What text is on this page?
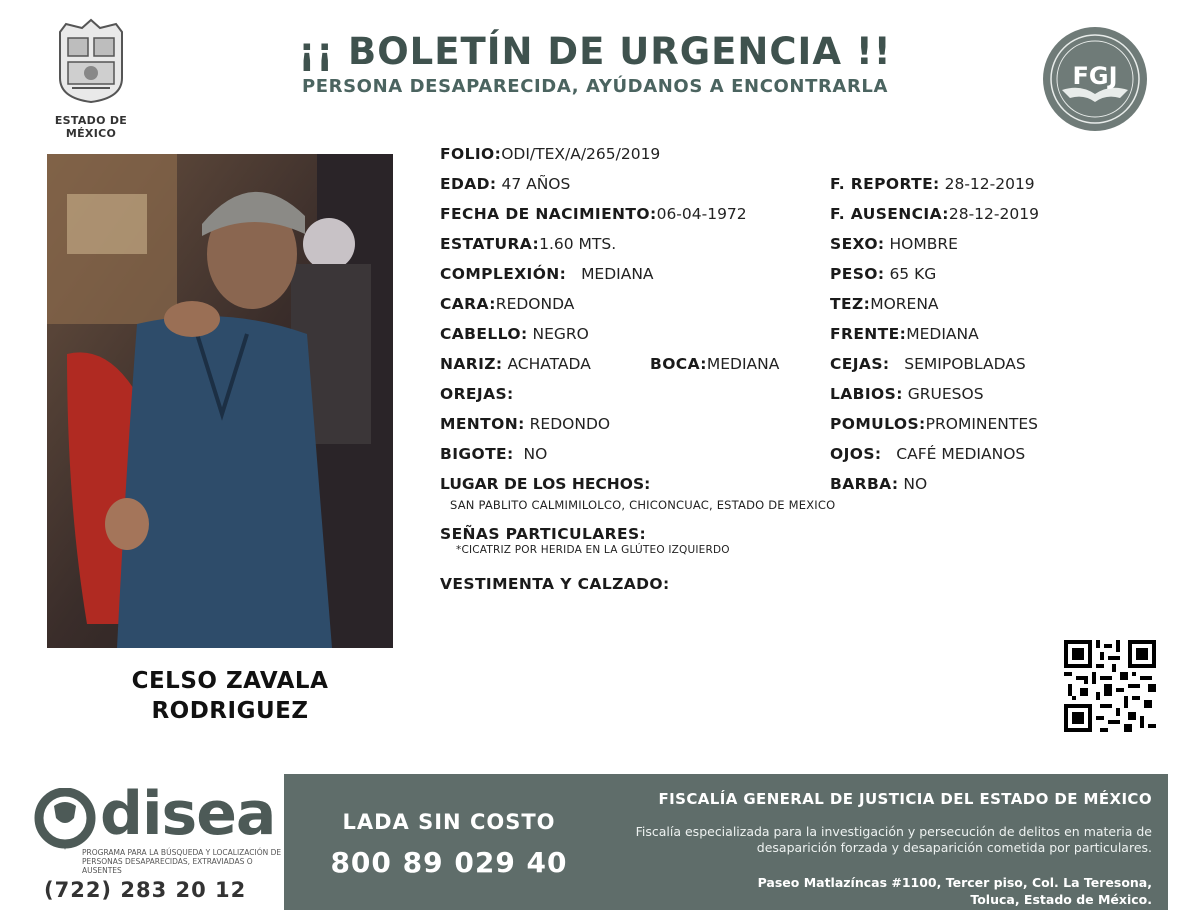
ESTADO DE MÉXICO
¡¡ BOLETÍN DE URGENCIA !!
PERSONA DESAPARECIDA, AYÚDANOS A ENCONTRARLA	FGJ
CELSO ZAVALA
RODRIGUEZ
FOLIO:ODI/TEX/A/265/2019
EDAD: 47 AÑOS	F. REPORTE: 28-12-2019
FECHA DE NACIMIENTO:06-04-1972	F. AUSENCIA:28-12-2019
ESTATURA:1.60 MTS.	SEXO: HOMBRE
COMPLEXIÓN: MEDIANA	PESO: 65 KG
CARA:REDONDA	TEZ:MORENA
CABELLO: NEGRO	FRENTE:MEDIANA
NARIZ: ACHATADA	BOCA:MEDIANA	CEJAS: SEMIPOBLADAS
OREJAS:	LABIOS: GRUESOS
MENTON: REDONDO	POMULOS:PROMINENTES
BIGOTE: NO	OJOS: CAFÉ MEDIANOS
LUGAR DE LOS HECHOS:	BARBA: NO
SAN PABLITO CALMIMILOLCO, CHICONCUAC, ESTADO DE MEXICO
SEÑAS PARTICULARES:
*CICATRIZ POR HERIDA EN LA GLÚTEO IZQUIERDO
VESTIMENTA Y CALZADO:
disea
PROGRAMA PARA LA BÚSQUEDA Y LOCALIZACIÓN DE PERSONAS DESAPARECIDAS, EXTRAVIADAS O AUSENTES
(722) 283 20 12
LADA SIN COSTO
800 89 029 40
FISCALÍA GENERAL DE JUSTICIA DEL ESTADO DE MÉXICO
Fiscalía especializada para la investigación y persecución de delitos en materia de desaparición forzada y desaparición cometida por particulares.
Paseo Matlazíncas #1100, Tercer piso, Col. La Teresona,
Toluca, Estado de México.
